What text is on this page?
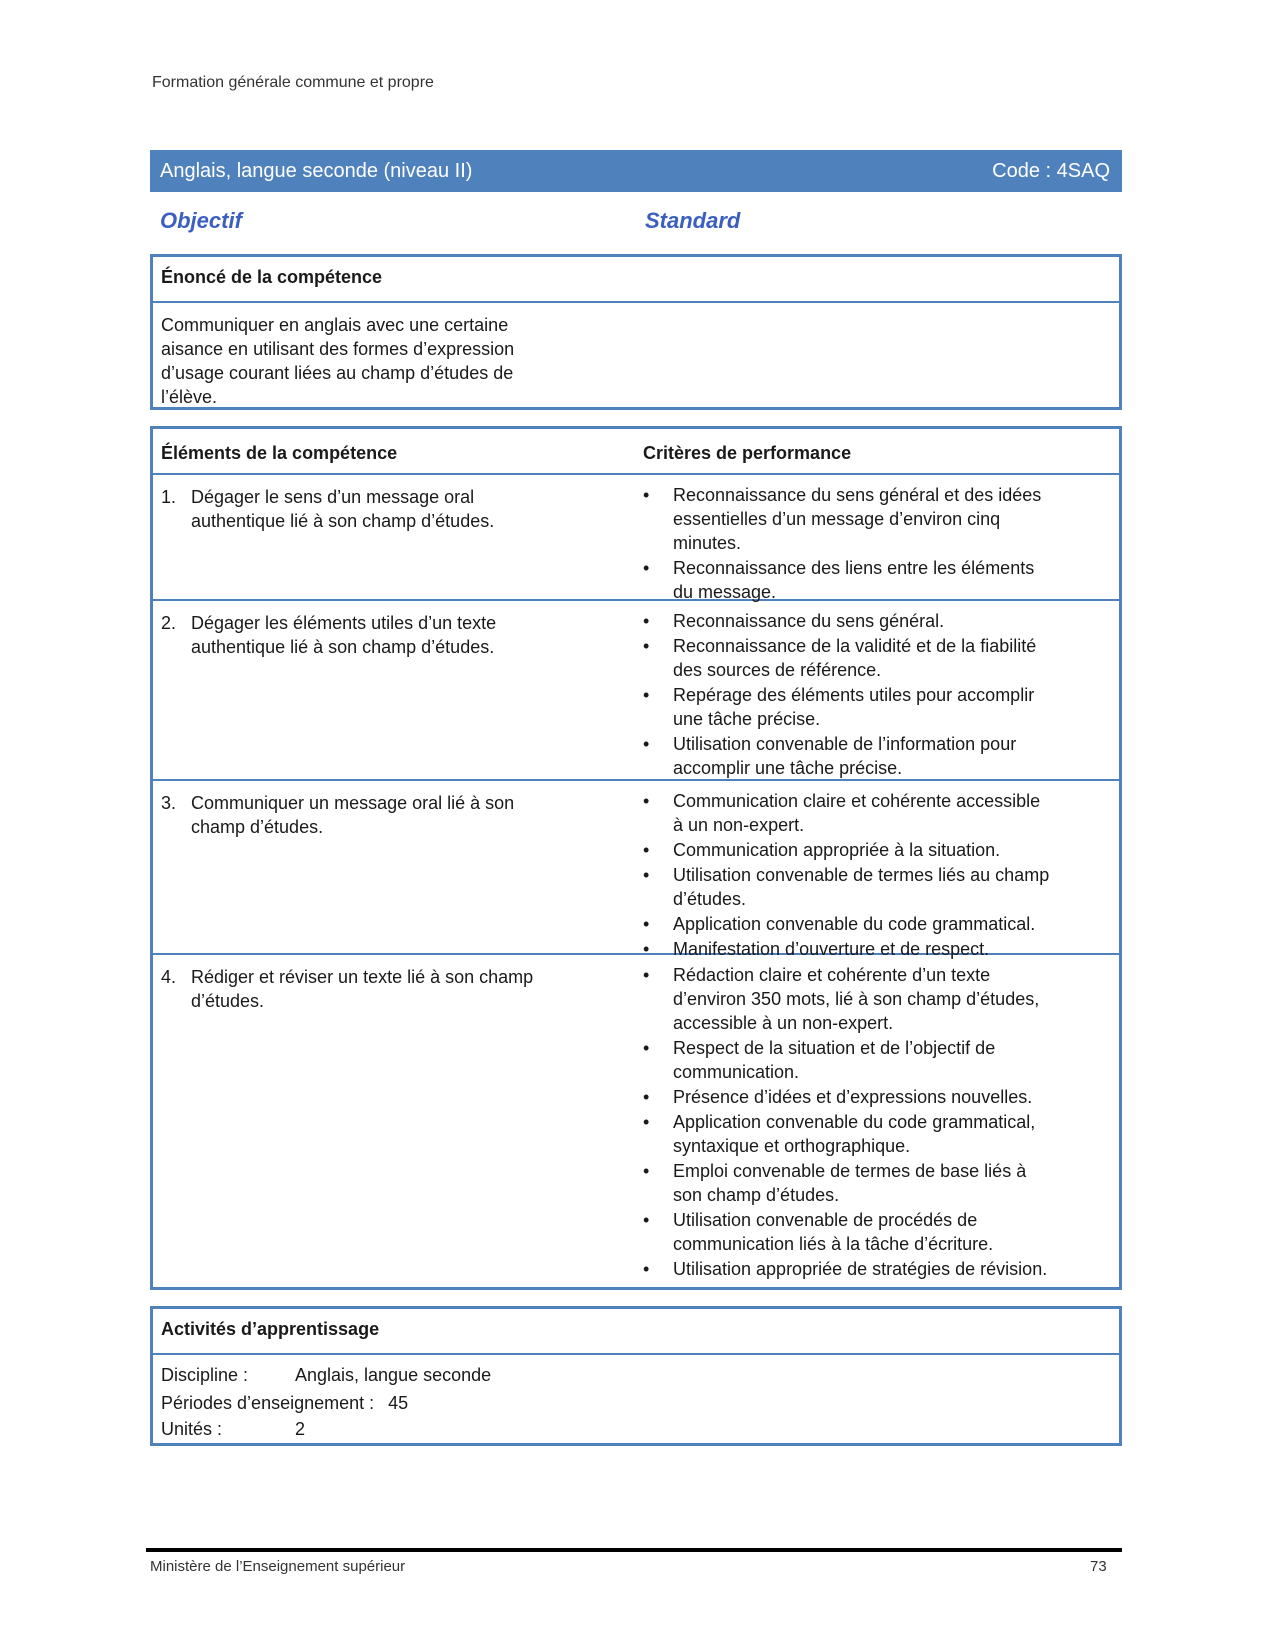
Formation générale commune et propre
Anglais, langue seconde (niveau II)	Code : 4SAQ
Objectif	Standard
Énoncé de la compétence
Communiquer en anglais avec une certaine
aisance en utilisant des formes d’expression
d’usage courant liées au champ d’études de
l’élève.
Éléments de la compétence	Critères de performance
1. Dégager le sens d’un message oral
authentique lié à son champ d’études.
• Reconnaissance du sens général et des idées
essentielles d’un message d’environ cinq
minutes.
• Reconnaissance des liens entre les éléments
du message.
2. Dégager les éléments utiles d’un texte
authentique lié à son champ d’études.
• Reconnaissance du sens général.
• Reconnaissance de la validité et de la fiabilité
des sources de référence.
• Repérage des éléments utiles pour accomplir
une tâche précise.
• Utilisation convenable de l’information pour
accomplir une tâche précise.
3. Communiquer un message oral lié à son
champ d’études.
• Communication claire et cohérente accessible
à un non-expert.
• Communication appropriée à la situation.
• Utilisation convenable de termes liés au champ
d’études.
• Application convenable du code grammatical.
• Manifestation d’ouverture et de respect.
4. Rédiger et réviser un texte lié à son champ
d’études.
• Rédaction claire et cohérente d’un texte
d’environ 350 mots, lié à son champ d’études,
accessible à un non-expert.
• Respect de la situation et de l’objectif de
communication.
• Présence d’idées et d’expressions nouvelles.
• Application convenable du code grammatical,
syntaxique et orthographique.
• Emploi convenable de termes de base liés à
son champ d’études.
• Utilisation convenable de procédés de
communication liés à la tâche d’écriture.
• Utilisation appropriée de stratégies de révision.
Activités d’apprentissage
Discipline :	Anglais, langue seconde
Périodes d’enseignement : 45
Unités :	2
Ministère de l’Enseignement supérieur	73
